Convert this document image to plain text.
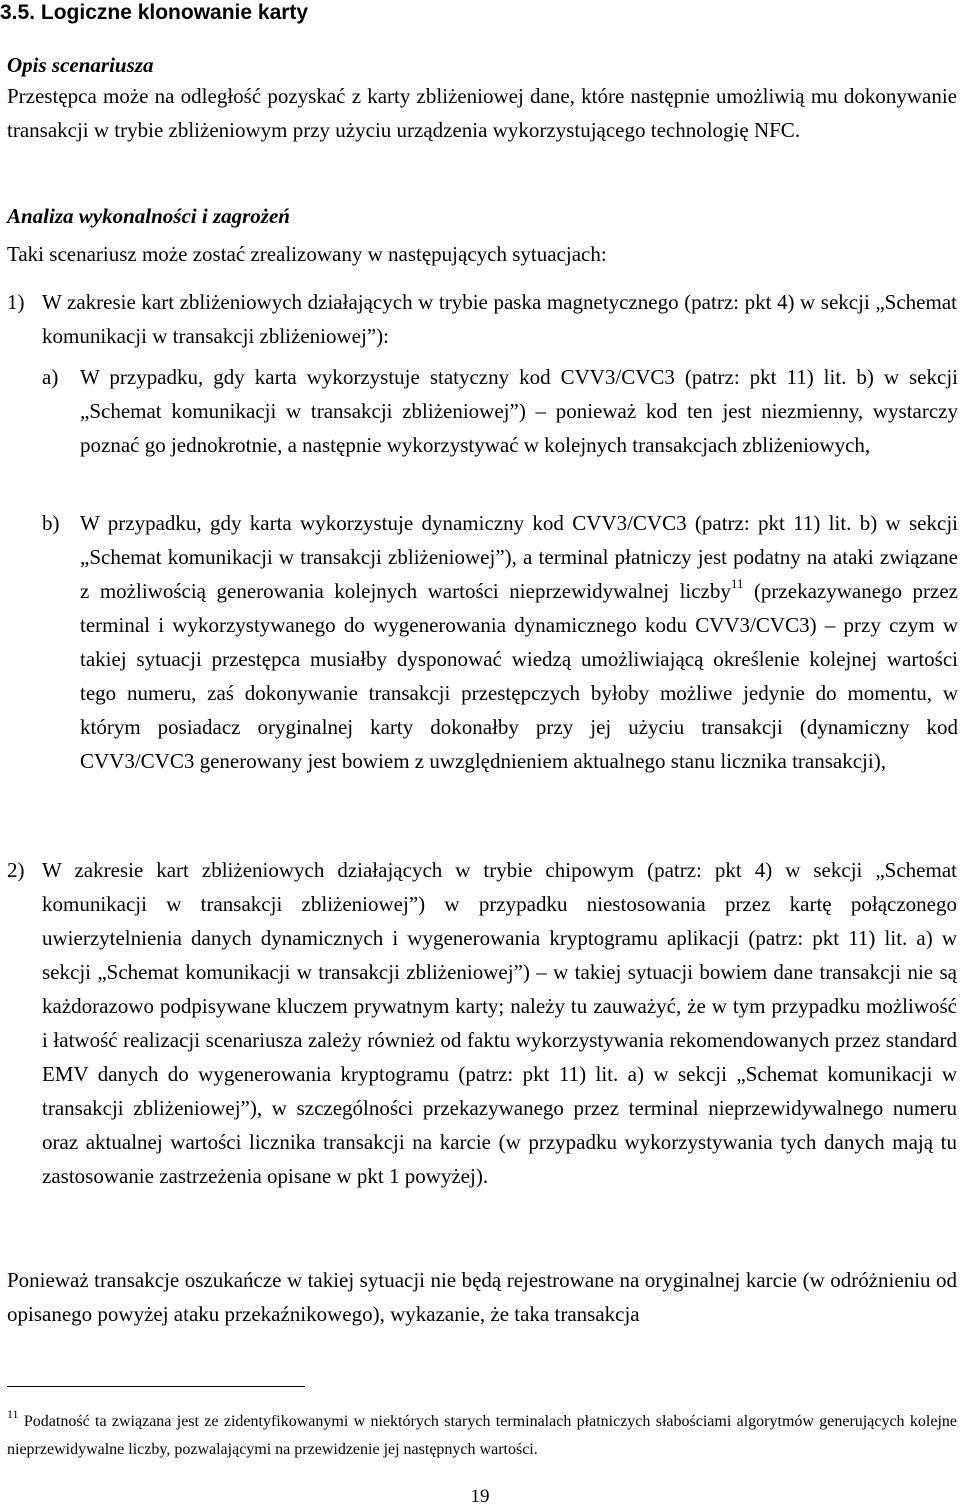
3.5. Logiczne klonowanie karty
Opis scenariusza

Przestępca może na odległość pozyskać z karty zbliżeniowej dane, które następnie umożliwią mu dokonywanie transakcji w trybie zbliżeniowym przy użyciu urządzenia wykorzystującego technologię NFC.

Analiza wykonalności i zagrożeń

Taki scenariusz może zostać zrealizowany w następujących sytuacjach:

1) W zakresie kart zbliżeniowych działających w trybie paska magnetycznego (patrz: pkt 4) w sekcji „Schemat komunikacji w transakcji zbliżeniowej”):

a) W przypadku, gdy karta wykorzystuje statyczny kod CVV3/CVC3 (patrz: pkt 11) lit. b) w sekcji „Schemat komunikacji w transakcji zbliżeniowej”) – ponieważ kod ten jest niezmienny, wystarczy poznać go jednokrotnie, a następnie wykorzystywać w kolejnych transakcjach zbliżeniowych,

b) W przypadku, gdy karta wykorzystuje dynamiczny kod CVV3/CVC3 (patrz: pkt 11) lit. b) w sekcji „Schemat komunikacji w transakcji zbliżeniowej”), a terminal płatniczy jest podatny na ataki związane z możliwością generowania kolejnych wartości nieprzewidywalnej liczby$^{11}$ (przekazywanego przez terminal i wykorzystywanego do wygenerowania dynamicznego kodu CVV3/CVC3) – przy czym w takiej sytuacji przestępca musiałby dysponować wiedzą umożliwiającą określenie kolejnej wartości tego numeru, zaś dokonywanie transakcji przestępczych byłoby możliwe jedynie do momentu, w którym posiadacz oryginalnej karty dokonałby przy jej użyciu transakcji (dynamiczny kod CVV3/CVC3 generowany jest bowiem z uwzględnieniem aktualnego stanu licznika transakcji),

2) W zakresie kart zbliżeniowych działających w trybie chipowym (patrz: pkt 4) w sekcji „Schemat komunikacji w transakcji zbliżeniowej”) w przypadku niestosowania przez kartę połączonego uwierzytelnienia danych dynamicznych i wygenerowania kryptogramu aplikacji (patrz: pkt 11) lit. a) w sekcji „Schemat komunikacji w transakcji zbliżeniowej”) – w takiej sytuacji bowiem dane transakcji nie są każdorazowo podpisywane kluczem prywatnym karty; należy tu zauważyć, że w tym przypadku możliwość i łatwość realizacji scenariusza zależy również od faktu wykorzystywania rekomendowanych przez standard EMV danych do wygenerowania kryptogramu (patrz: pkt 11) lit. a) w sekcji „Schemat komunikacji w transakcji zbliżeniowej”), w szczególności przekazywanego przez terminal nieprzewidywalnego numeru oraz aktualnej wartości licznika transakcji na karcie (w przypadku wykorzystywania tych danych mają tu zastosowanie zastrzeżenia opisane w pkt 1 powyżej).

Ponieważ transakcje oszukańcze w takiej sytuacji nie będą rejestrowane na oryginalnej karcie (w odróżnieniu od opisanego powyżej ataku przekaźnikowego), wykazanie, że taka transakcja

$^{11}$ Podatność ta związana jest ze zidentyfikowanymi w niektórych starych terminalach płatniczych słabościami algorytmów generujących kolejne nieprzewidywalne liczby, pozwalającymi na przewidzenie jej następnych wartości.

19
